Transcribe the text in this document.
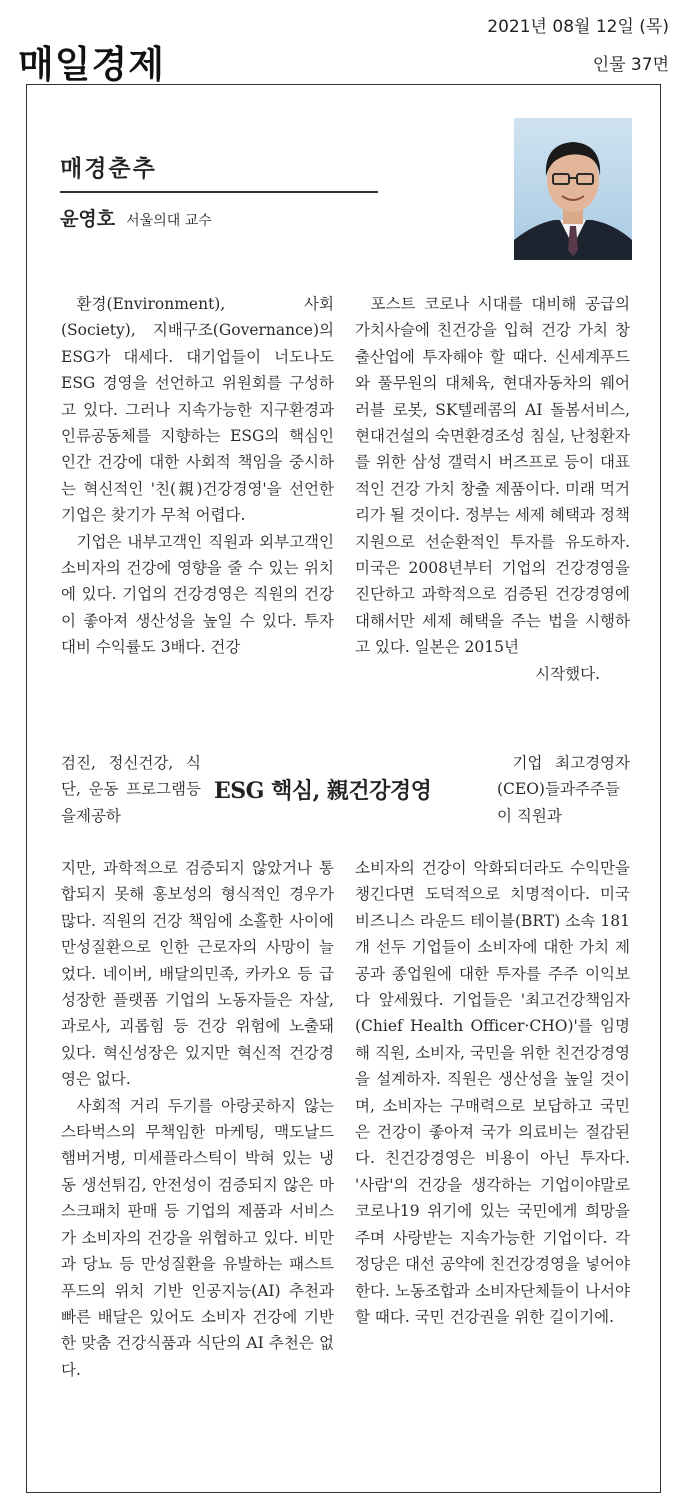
매일경제
2021년 08월 12일 (목)
인물 37면
매경춘추
윤영호 서울의대 교수

환경(Environment), 사회(Society), 지배구조(Governance)의 ESG가 대세다. 대기업들이 너도나도 ESG 경영을 선언하고 위원회를 구성하고 있다. 그러나 지속가능한 지구환경과 인류공동체를 지향하는 ESG의 핵심인 인간 건강에 대한 사회적 책임을 중시하는 혁신적인 '친(親)건강경영'을 선언한 기업은 찾기가 무척 어렵다.

기업은 내부고객인 직원과 외부고객인 소비자의 건강에 영향을 줄 수 있는 위치에 있다. 기업의 건강경영은 직원의 건강이 좋아져 생산성을 높일 수 있다. 투자 대비 수익률도 3배다. 건강

검진, 정신건강, 식단, 운동 프로그램등을제공하

지만, 과학적으로 검증되지 않았거나 통합되지 못해 홍보성의 형식적인 경우가 많다. 직원의 건강 책임에 소홀한 사이에 만성질환으로 인한 근로자의 사망이 늘었다. 네이버, 배달의민족, 카카오 등 급성장한 플랫폼 기업의 노동자들은 자살, 과로사, 괴롭힘 등 건강 위험에 노출돼 있다. 혁신성장은 있지만 혁신적 건강경영은 없다.

사회적 거리 두기를 아랑곳하지 않는 스타벅스의 무책임한 마케팅, 맥도날드 햄버거병, 미세플라스틱이 박혀 있는 냉동 생선튀김, 안전성이 검증되지 않은 마스크패치 판매 등 기업의 제품과 서비스가 소비자의 건강을 위협하고 있다. 비만과 당뇨 등 만성질환을 유발하는 패스트푸드의 위치 기반 인공지능(AI) 추천과 빠른 배달은 있어도 소비자 건강에 기반한 맞춤 건강식품과 식단의 AI 추천은 없다.

ESG 핵심, 親건강경영

포스트 코로나 시대를 대비해 공급의 가치사슬에 친건강을 입혀 건강 가치 창출산업에 투자해야 할 때다. 신세계푸드와 풀무원의 대체육, 현대자동차의 웨어러블 로봇, SK텔레콤의 AI 돌봄서비스, 현대건설의 숙면환경조성 침실, 난청환자를 위한 삼성 갤럭시 버즈프로 등이 대표적인 건강 가치 창출 제품이다. 미래 먹거리가 될 것이다. 정부는 세제 혜택과 정책 지원으로 선순환적인 투자를 유도하자. 미국은 2008년부터 기업의 건강경영을 진단하고 과학적으로 검증된 건강경영에 대해서만 세제 혜택을 주는 법을 시행하고 있다. 일본은 2015년

시작했다.

기업 최고경영자(CEO)들과주주들이 직원과

소비자의 건강이 악화되더라도 수익만을 챙긴다면 도덕적으로 치명적이다. 미국 비즈니스 라운드 테이블(BRT) 소속 181개 선두 기업들이 소비자에 대한 가치 제공과 종업원에 대한 투자를 주주 이익보다 앞세웠다. 기업들은 '최고건강책임자(Chief Health Officer·CHO)'를 임명해 직원, 소비자, 국민을 위한 친건강경영을 설계하자. 직원은 생산성을 높일 것이며, 소비자는 구매력으로 보답하고 국민은 건강이 좋아져 국가 의료비는 절감된다. 친건강경영은 비용이 아닌 투자다. '사람'의 건강을 생각하는 기업이야말로 코로나19 위기에 있는 국민에게 희망을 주며 사랑받는 지속가능한 기업이다. 각 정당은 대선 공약에 친건강경영을 넣어야 한다. 노동조합과 소비자단체들이 나서야 할 때다. 국민 건강권을 위한 길이기에.
